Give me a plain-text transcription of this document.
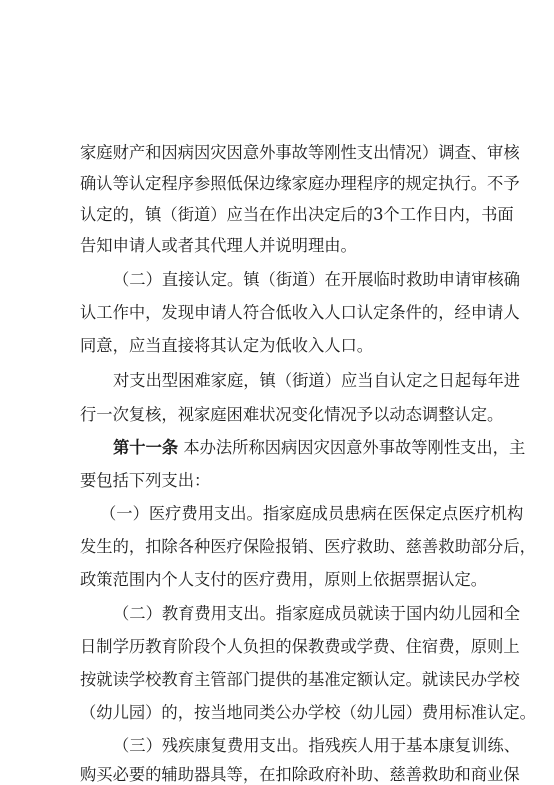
家庭财产和因病因灾因意外事故等刚性支出情况）调查、审核
确认等认定程序参照低保边缘家庭办理程序的规定执行。不予
认定的，镇（街道）应当在作出决定后的3个工作日内，书面
告知申请人或者其代理人并说明理由。
（二）直接认定。镇（街道）在开展临时救助申请审核确
认工作中，发现申请人符合低收入人口认定条件的，经申请人
同意，应当直接将其认定为低收入人口。
对支出型困难家庭，镇（街道）应当自认定之日起每年进
行一次复核，视家庭困难状况变化情况予以动态调整认定。
第十一条 本办法所称因病因灾因意外事故等刚性支出，主
要包括下列支出：
（一）医疗费用支出。指家庭成员患病在医保定点医疗机构
发生的，扣除各种医疗保险报销、医疗救助、慈善救助部分后，
政策范围内个人支付的医疗费用，原则上依据票据认定。
（二）教育费用支出。指家庭成员就读于国内幼儿园和全
日制学历教育阶段个人负担的保教费或学费、住宿费，原则上
按就读学校教育主管部门提供的基准定额认定。就读民办学校
（幼儿园）的，按当地同类公办学校（幼儿园）费用标准认定。
（三）残疾康复费用支出。指残疾人用于基本康复训练、
购买必要的辅助器具等，在扣除政府补助、慈善救助和商业保
